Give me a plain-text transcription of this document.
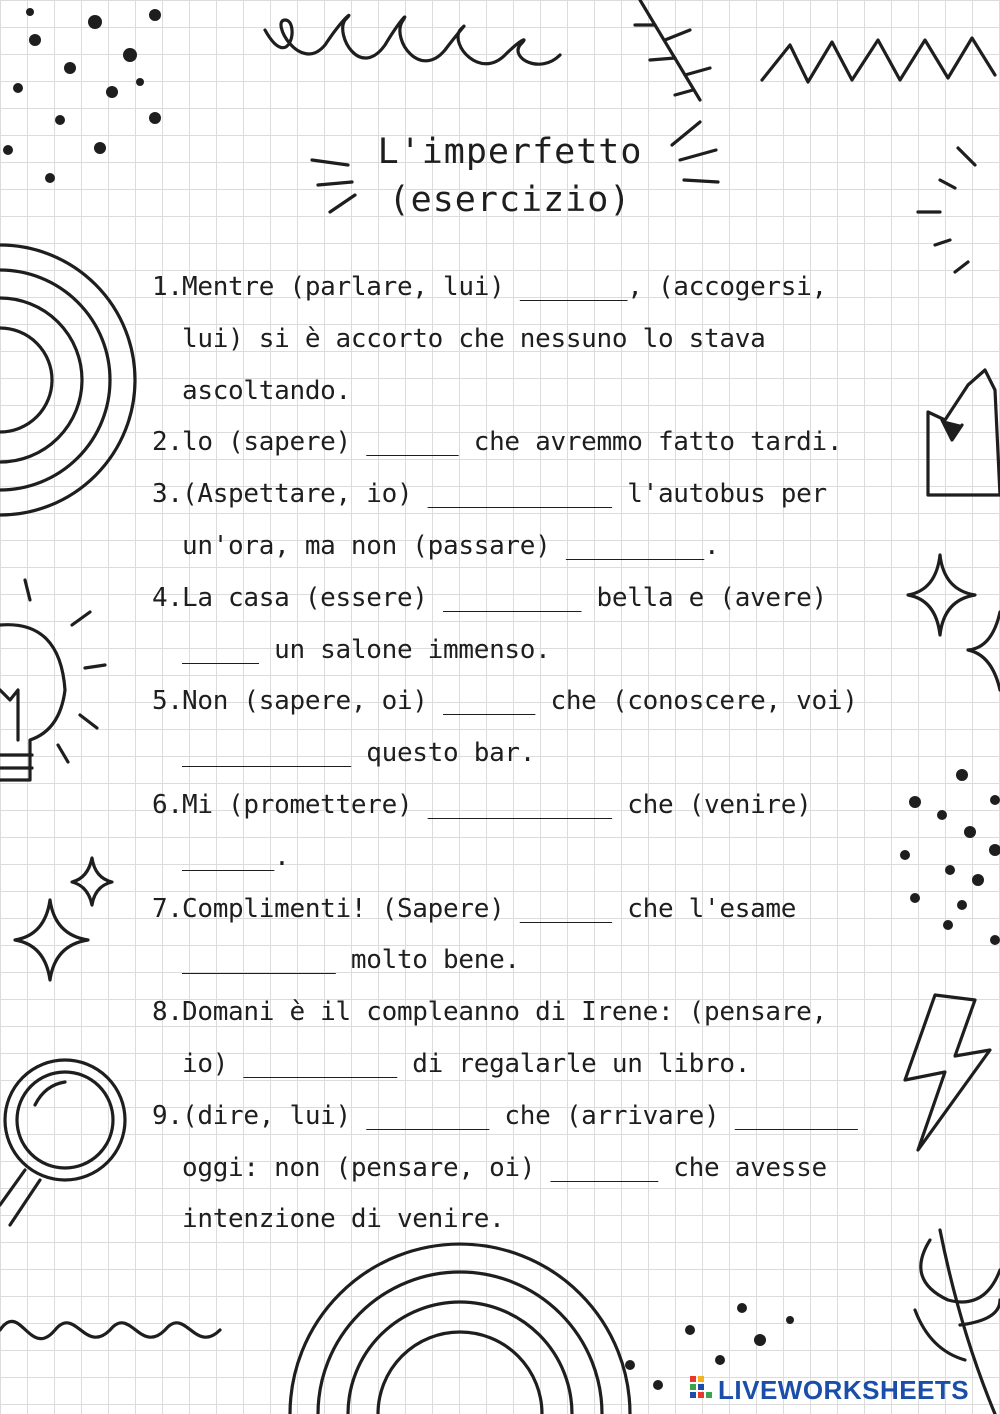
L'imperfetto
(esercizio)
1. Mentre (parlare, lui) _______, (accogersi, lui) si è accorto che nessuno lo stava ascoltando.
2. lo (sapere) ______ che avremmo fatto tardi.
3. (Aspettare, io) ____________ l'autobus per un'ora, ma non (passare) _________.
4. La casa (essere) _________ bella e (avere) _____ un salone immenso.
5. Non (sapere, oi) ______ che (conoscere, voi) ___________ questo bar.
6. Mi (promettere) ____________ che (venire) ______.
7. Complimenti! (Sapere) ______ che l'esame __________ molto bene.
8. Domani è il compleanno di Irene: (pensare, io) __________ di regalarle un libro.
9. (dire, lui) ________ che (arrivare) ________ oggi: non (pensare, oi) _______ che avesse intenzione di venire.
LIVEWORKSHEETS
